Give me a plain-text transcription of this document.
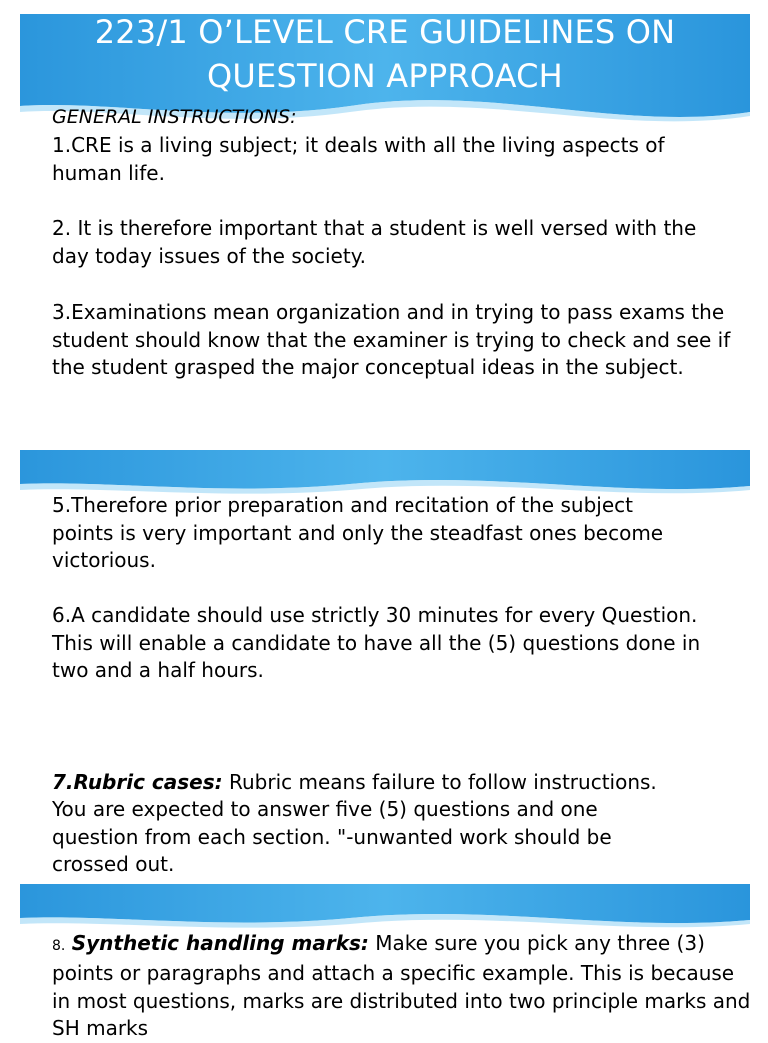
223/1 O’LEVEL CRE GUIDELINES ON
QUESTION APPROACH
GENERAL INSTRUCTIONS:
1.CRE is a living subject; it deals with all the living aspects of human life.
2. It is therefore important that a student is well versed with the day today issues of the society.
3.Examinations mean organization and in trying to pass exams the student should know that the examiner is trying to check and see if the student grasped the major conceptual ideas in the subject.
5.Therefore prior preparation and recitation of the subject points is very important and only the steadfast ones become victorious.
6.A candidate should use strictly 30 minutes for every Question. This will enable a candidate to have all the (5) questions done in two and a half hours.

7.Rubric cases: Rubric means failure to follow instructions. You are expected to answer five (5) questions and one question from each section. "-unwanted work should be crossed out.

8. Synthetic handling marks: Make sure you pick any three (3) points or paragraphs and attach a specific example. This is because in most questions, marks are distributed into two principle marks and SH marks
